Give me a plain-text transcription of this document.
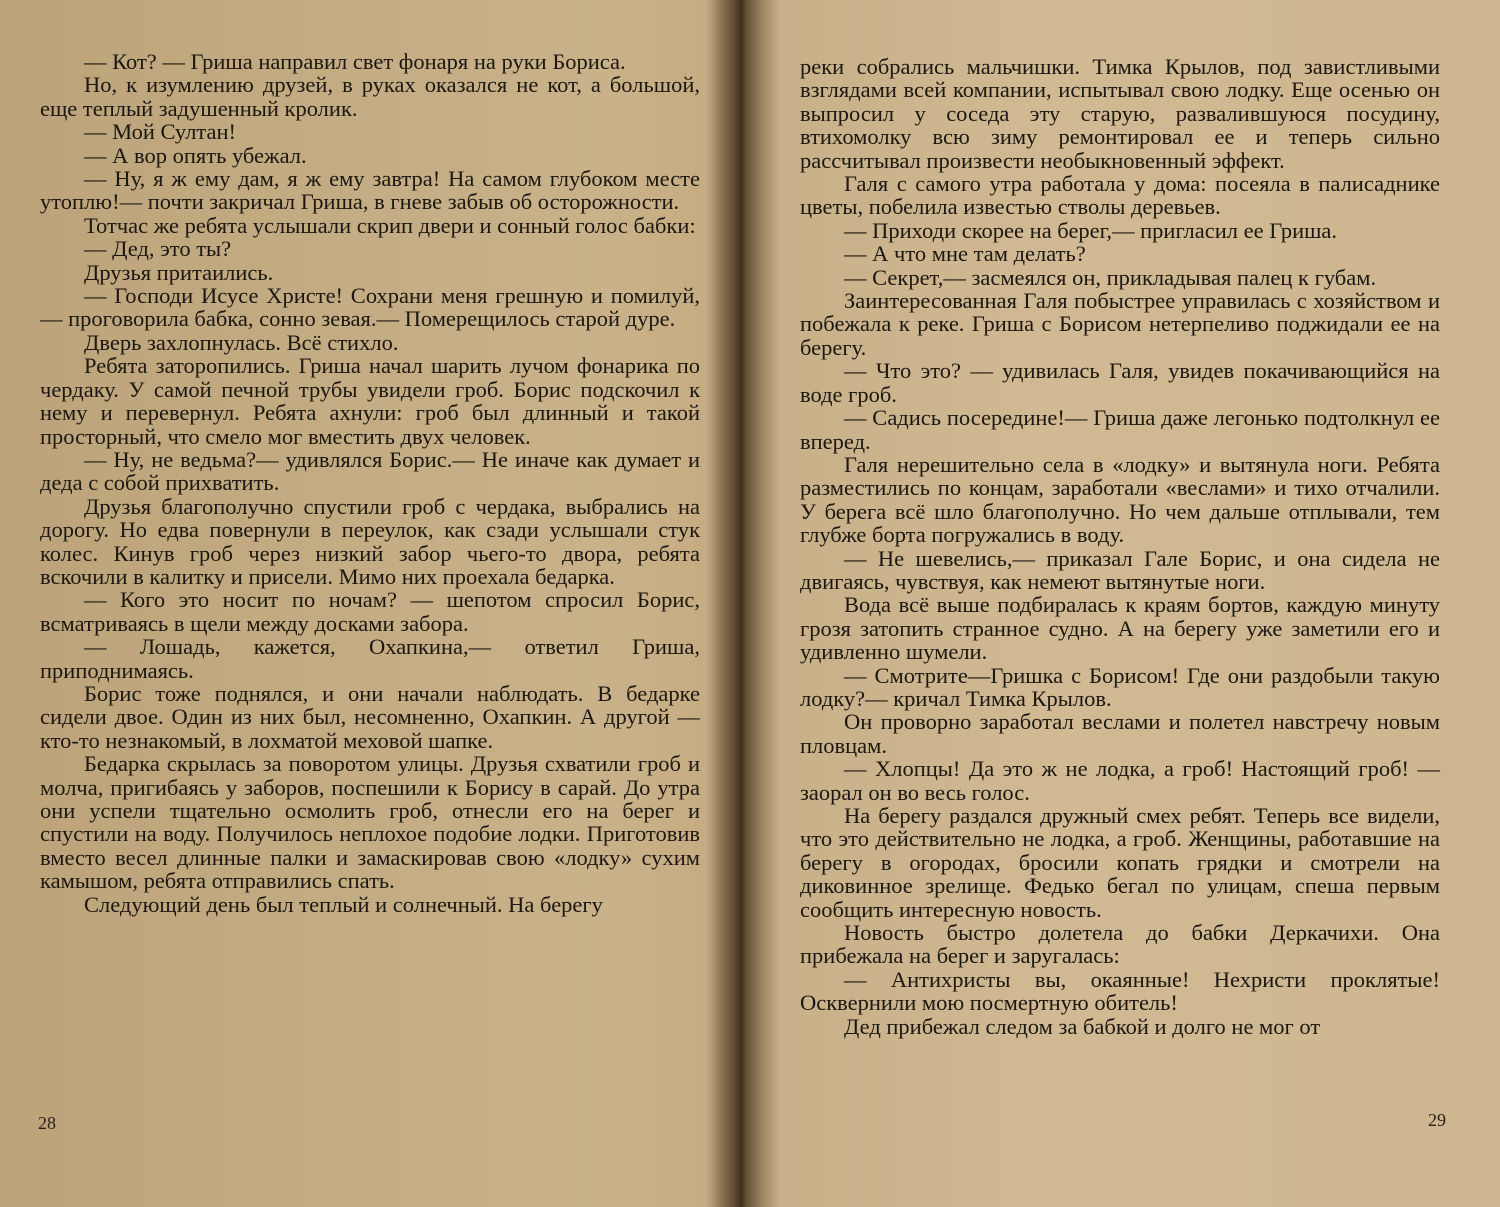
— Кот? — Гриша направил свет фонаря на руки Бориса.

Но, к изумлению друзей, в руках оказался не кот, а большой, еще теплый задушенный кролик.

— Мой Султан!

— А вор опять убежал.

— Ну, я ж ему дам, я ж ему завтра! На самом глубоком месте утоплю!— почти закричал Гриша, в гневе забыв об осторожности.

Тотчас же ребята услышали скрип двери и сонный голос бабки:

— Дед, это ты?

Друзья притаились.

— Господи Исусе Христе! Сохрани меня грешную и помилуй,— проговорила бабка, сонно зевая.— Померещилось старой дуре.

Дверь захлопнулась. Всё стихло.

Ребята заторопились. Гриша начал шарить лучом фонарика по чердаку. У самой печной трубы увидели гроб. Борис подскочил к нему и перевернул. Ребята ахнули: гроб был длинный и такой просторный, что смело мог вместить двух человек.

— Ну, не ведьма?— удивлялся Борис.— Не иначе как думает и деда с собой прихватить.

Друзья благополучно спустили гроб с чердака, выбрались на дорогу. Но едва повернули в переулок, как сзади услышали стук колес. Кинув гроб через низкий забор чьего-то двора, ребята вскочили в калитку и присели. Мимо них проехала бедарка.

— Кого это носит по ночам? — шепотом спросил Борис, всматриваясь в щели между досками забора.

— Лошадь, кажется, Охапкина,— ответил Гриша, приподнимаясь.

Борис тоже поднялся, и они начали наблюдать. В бедарке сидели двое. Один из них был, несомненно, Охапкин. А другой — кто-то незнакомый, в лохматой меховой шапке.

Бедарка скрылась за поворотом улицы. Друзья схватили гроб и молча, пригибаясь у заборов, поспешили к Борису в сарай. До утра они успели тщательно осмолить гроб, отнесли его на берег и спустили на воду. Получилось неплохое подобие лодки. Приготовив вместо весел длинные палки и замаскировав свою «лодку» сухим камышом, ребята отправились спать.

Следующий день был теплый и солнечный. На берегу

28

реки собрались мальчишки. Тимка Крылов, под завистливыми взглядами всей компании, испытывал свою лодку. Еще осенью он выпросил у соседа эту старую, развалившуюся посудину, втихомолку всю зиму ремонтировал ее и теперь сильно рассчитывал произвести необыкновенный эффект.

Галя с самого утра работала у дома: посеяла в палисаднике цветы, побелила известью стволы деревьев.

— Приходи скорее на берег,— пригласил ее Гриша.

— А что мне там делать?

— Секрет,— засмеялся он, прикладывая палец к губам.

Заинтересованная Галя побыстрее управилась с хозяйством и побежала к реке. Гриша с Борисом нетерпеливо поджидали ее на берегу.

— Что это? — удивилась Галя, увидев покачивающийся на воде гроб.

— Садись посередине!— Гриша даже легонько подтолкнул ее вперед.

Галя нерешительно села в «лодку» и вытянула ноги. Ребята разместились по концам, заработали «веслами» и тихо отчалили. У берега всё шло благополучно. Но чем дальше отплывали, тем глубже борта погружались в воду.

— Не шевелись,— приказал Гале Борис, и она сидела не двигаясь, чувствуя, как немеют вытянутые ноги.

Вода всё выше подбиралась к краям бортов, каждую минуту грозя затопить странное судно. А на берегу уже заметили его и удивленно шумели.

— Смотрите—Гришка с Борисом! Где они раздобыли такую лодку?— кричал Тимка Крылов.

Он проворно заработал веслами и полетел навстречу новым пловцам.

— Хлопцы! Да это ж не лодка, а гроб! Настоящий гроб! — заорал он во весь голос.

На берегу раздался дружный смех ребят. Теперь все видели, что это действительно не лодка, а гроб. Женщины, работавшие на берегу в огородах, бросили копать грядки и смотрели на диковинное зрелище. Федько бегал по улицам, спеша первым сообщить интересную новость.

Новость быстро долетела до бабки Деркачихи. Она прибежала на берег и заругалась:

— Антихристы вы, окаянные! Нехристи проклятые! Осквернили мою посмертную обитель!

Дед прибежал следом за бабкой и долго не мог от

29
